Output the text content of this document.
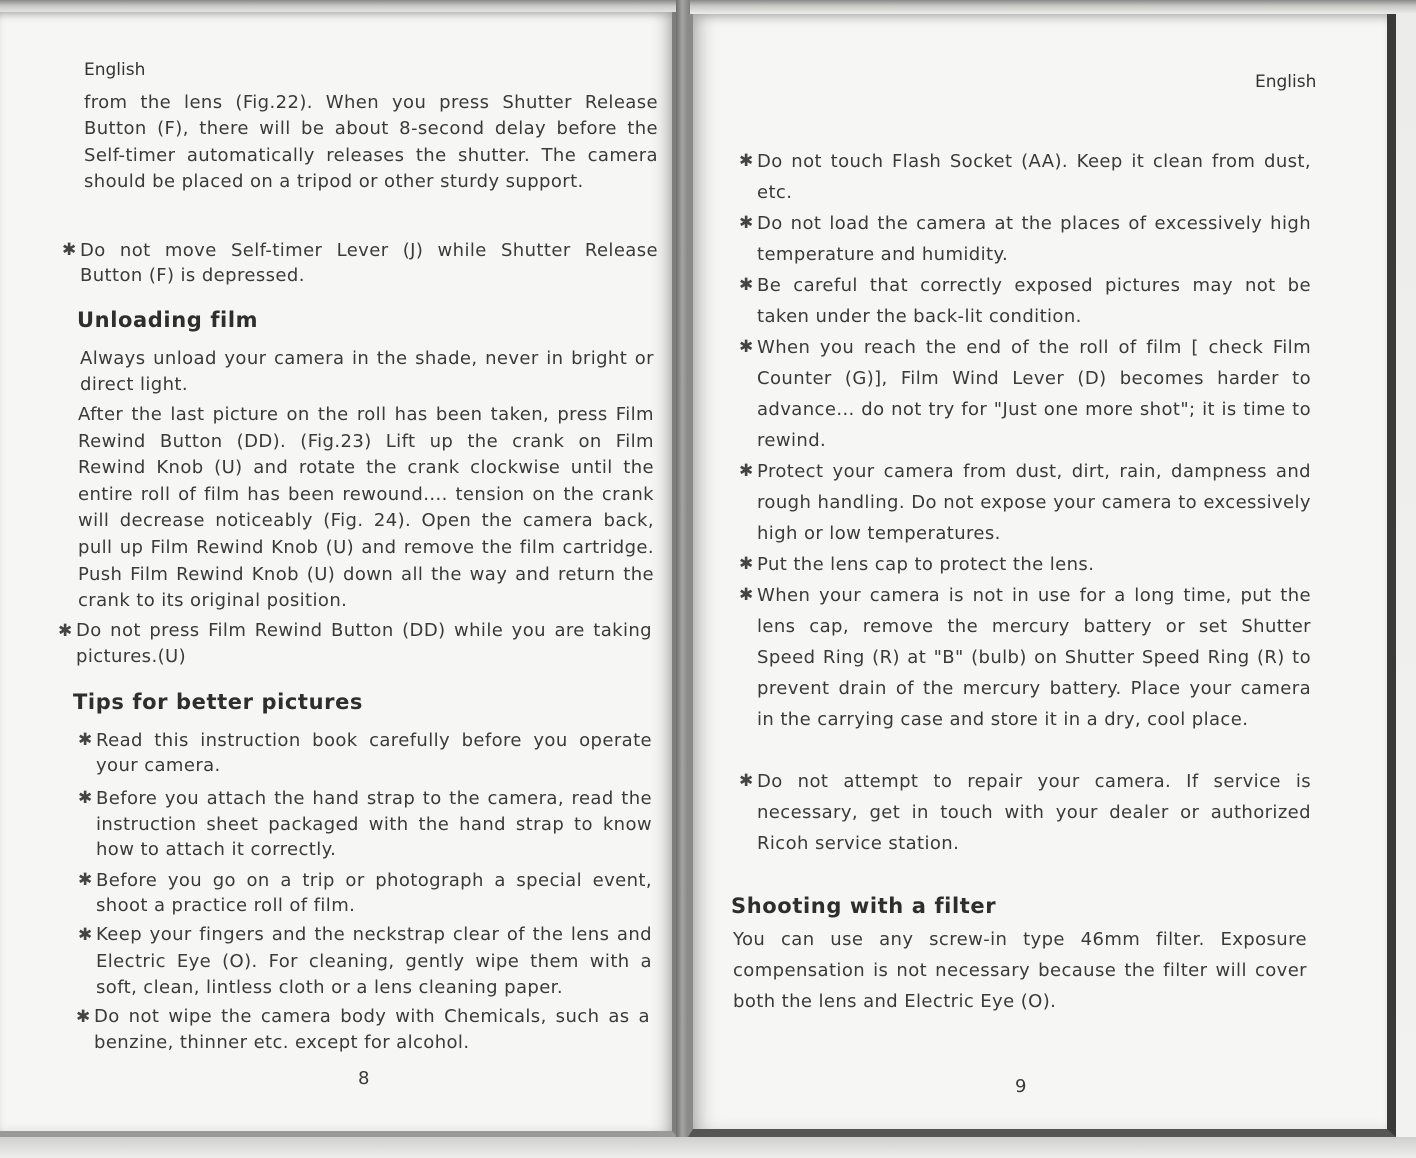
English

from the lens (Fig.22). When you press Shutter Release Button (F), there will be about 8-second delay before the Self-timer automatically releases the shutter. The camera should be placed on a tripod or other sturdy support.

✱ Do not move Self-timer Lever (J) while Shutter Release Button (F) is depressed.
Unloading film

Always unload your camera in the shade, never in bright or direct light.

After the last picture on the roll has been taken, press Film Rewind Button (DD). (Fig.23) Lift up the crank on Film Rewind Knob (U) and rotate the crank clockwise until the entire roll of film has been rewound.... tension on the crank will decrease noticeably (Fig. 24). Open the camera back, pull up Film Rewind Knob (U) and remove the film cartridge. Push Film Rewind Knob (U) down all the way and return the crank to its original position.

✱ Do not press Film Rewind Button (DD) while you are taking pictures.(U)
Tips for better pictures
✱ Read this instruction book carefully before you operate your camera.
✱ Before you attach the hand strap to the camera, read the instruction sheet packaged with the hand strap to know how to attach it correctly.
✱ Before you go on a trip or photograph a special event, shoot a practice roll of film.
✱ Keep your fingers and the neckstrap clear of the lens and Electric Eye (O). For cleaning, gently wipe them with a soft, clean, lintless cloth or a lens cleaning paper.
✱ Do not wipe the camera body with Chemicals, such as a benzine, thinner etc. except for alcohol.
8
English
✱ Do not touch Flash Socket (AA). Keep it clean from dust, etc.
✱ Do not load the camera at the places of excessively high temperature and humidity.
✱ Be careful that correctly exposed pictures may not be taken under the back-lit condition.
✱ When you reach the end of the roll of film [ check Film Counter (G)], Film Wind Lever (D) becomes harder to advance... do not try for "Just one more shot"; it is time to rewind.
✱ Protect your camera from dust, dirt, rain, dampness and rough handling. Do not expose your camera to excessively high or low temperatures.
✱ Put the lens cap to protect the lens.
✱ When your camera is not in use for a long time, put the lens cap, remove the mercury battery or set Shutter Speed Ring (R) at "B" (bulb) on Shutter Speed Ring (R) to prevent drain of the mercury battery. Place your camera in the carrying case and store it in a dry, cool place.
✱ Do not attempt to repair your camera. If service is necessary, get in touch with your dealer or authorized Ricoh service station.
Shooting with a filter

You can use any screw-in type 46mm filter. Exposure compensation is not necessary because the filter will cover both the lens and Electric Eye (O).

9
